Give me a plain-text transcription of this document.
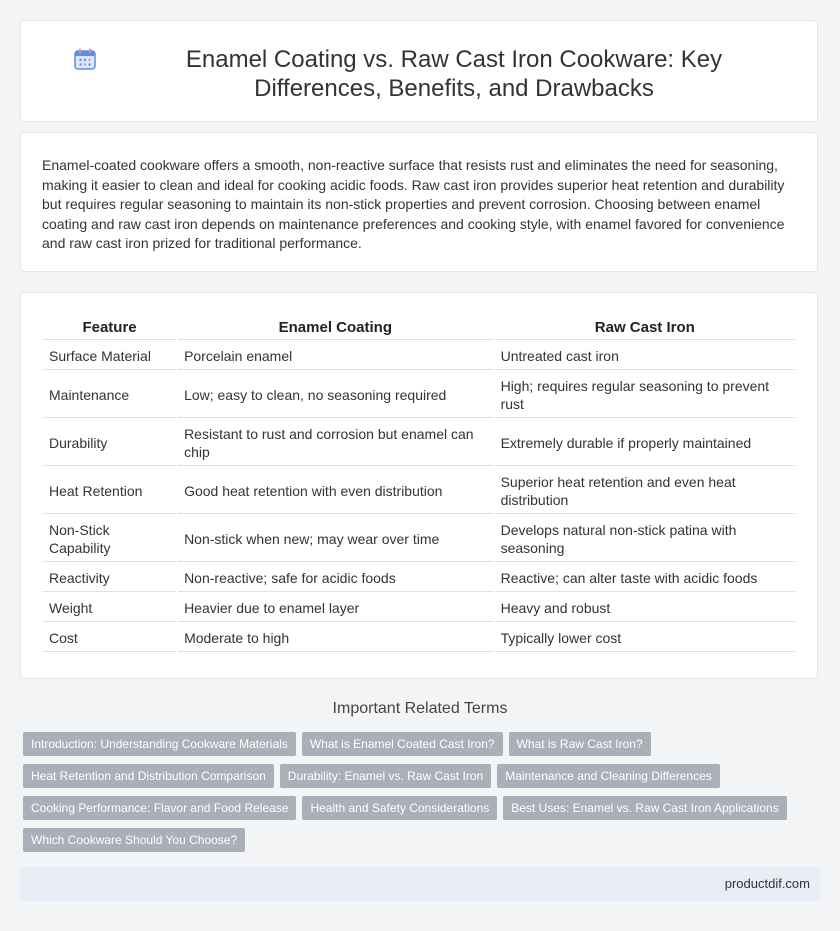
Enamel Coating vs. Raw Cast Iron Cookware: Key Differences, Benefits, and Drawbacks

Enamel-coated cookware offers a smooth, non-reactive surface that resists rust and eliminates the need for seasoning, making it easier to clean and ideal for cooking acidic foods. Raw cast iron provides superior heat retention and durability but requires regular seasoning to maintain its non-stick properties and prevent corrosion. Choosing between enamel coating and raw cast iron depends on maintenance preferences and cooking style, with enamel favored for convenience and raw cast iron prized for traditional performance.

Feature	Enamel Coating	Raw Cast Iron
Surface Material	Porcelain enamel	Untreated cast iron
Maintenance	Low; easy to clean, no seasoning required	High; requires regular seasoning to prevent rust
Durability	Resistant to rust and corrosion but enamel can chip	Extremely durable if properly maintained
Heat Retention	Good heat retention with even distribution	Superior heat retention and even heat distribution
Non-Stick Capability	Non-stick when new; may wear over time	Develops natural non-stick patina with seasoning
Reactivity	Non-reactive; safe for acidic foods	Reactive; can alter taste with acidic foods
Weight	Heavier due to enamel layer	Heavy and robust
Cost	Moderate to high	Typically lower cost
Important Related Terms
Introduction: Understanding Cookware Materials What is Enamel Coated Cast Iron? What is Raw Cast Iron?
Heat Retention and Distribution Comparison Durability: Enamel vs. Raw Cast Iron Maintenance and Cleaning Differences
Cooking Performance: Flavor and Food Release Health and Safety Considerations Best Uses: Enamel vs. Raw Cast Iron Applications
Which Cookware Should You Choose?
productdif.com
